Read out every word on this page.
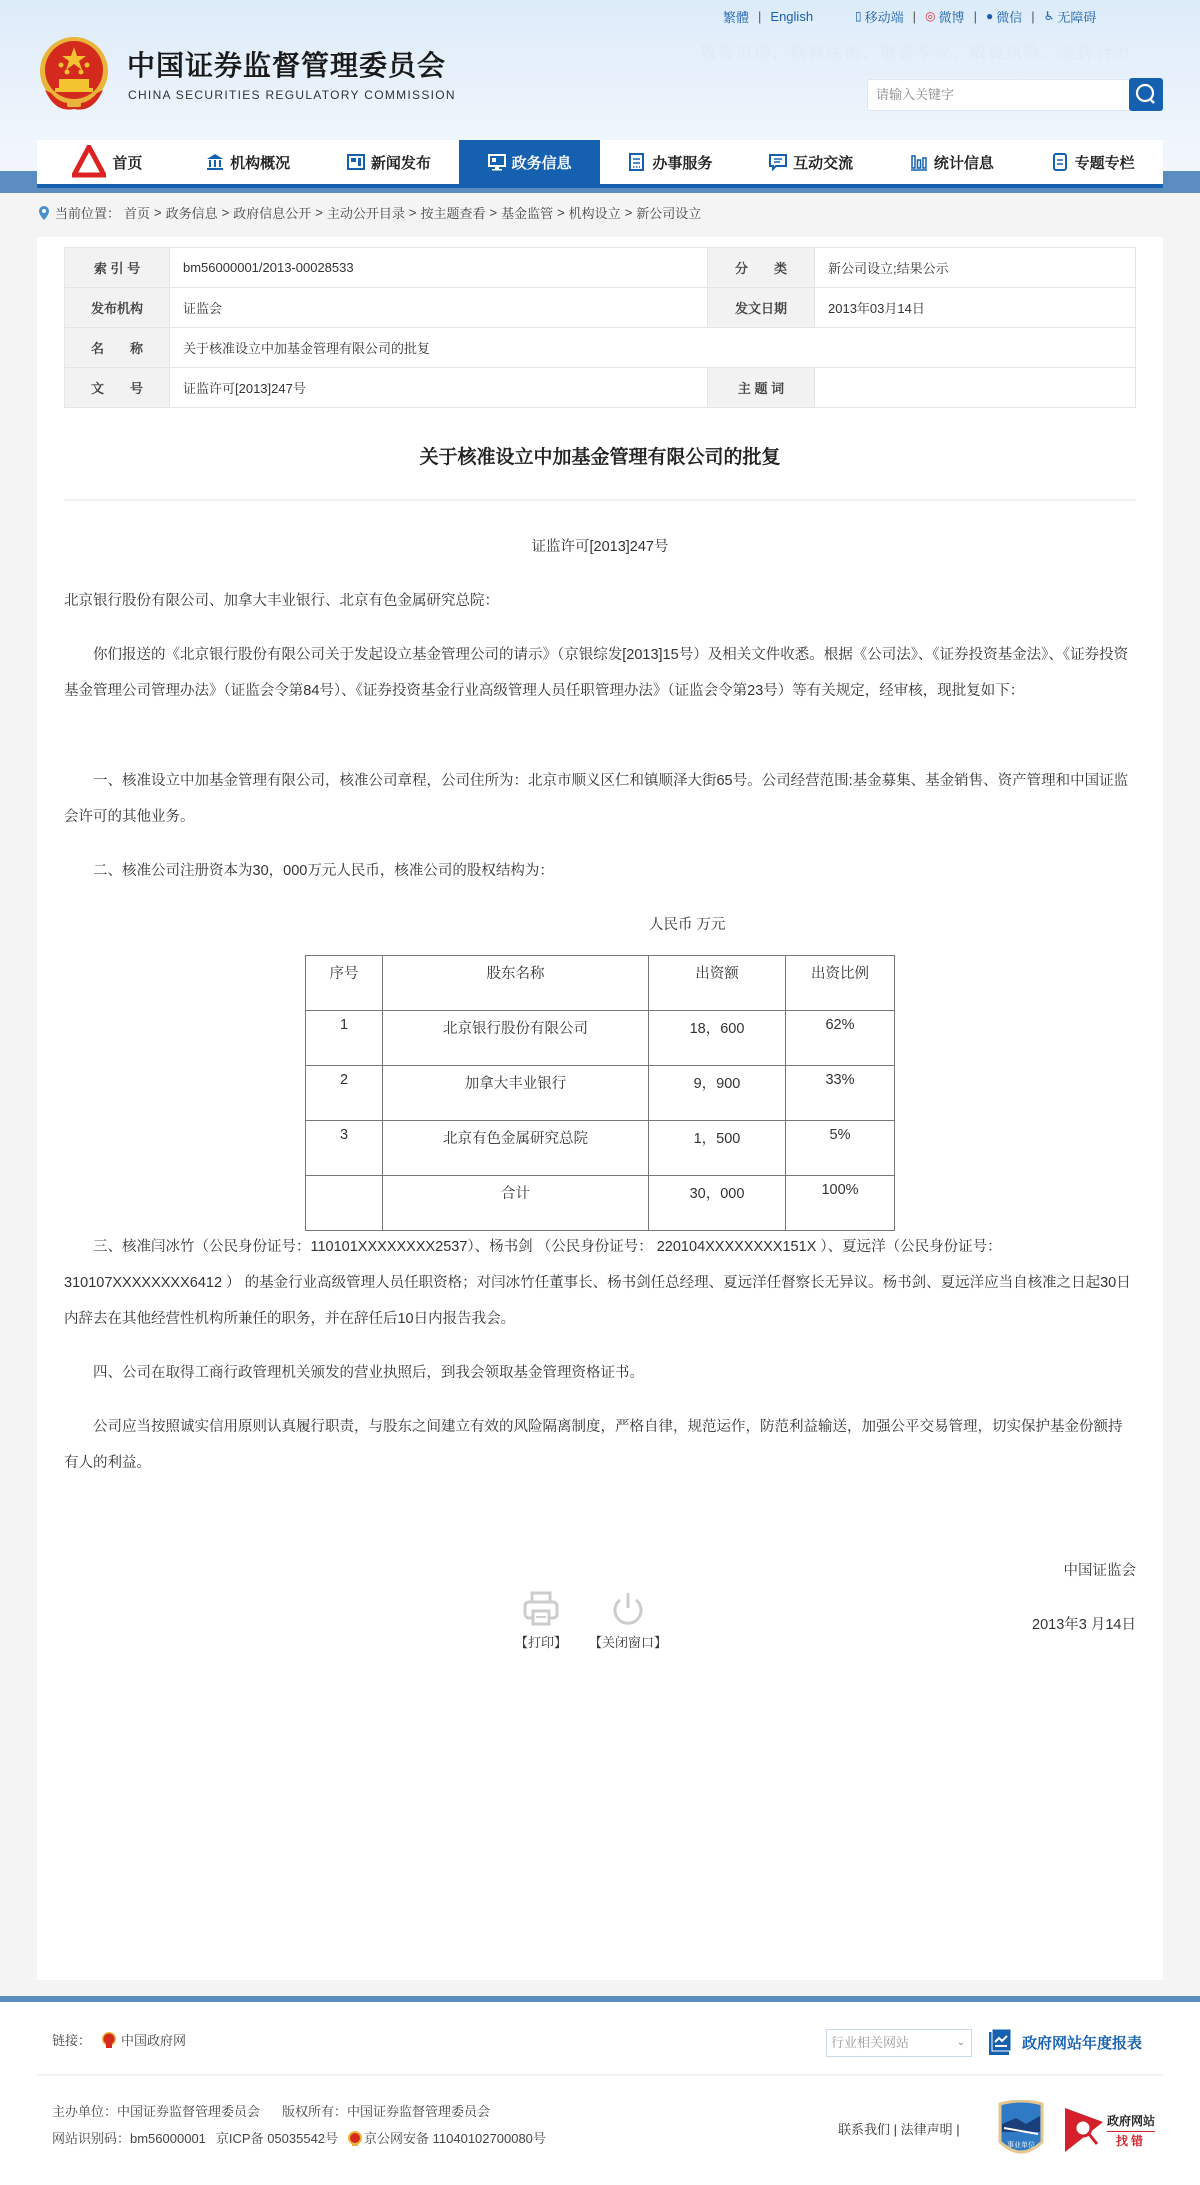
中国证券监督管理委员会
CHINA SECURITIES REGULATORY COMMISSION
繁體 | English	▯ 移动端 | ◎ 微博 | ● 微信 | ♿ 无障碍
敬畏市场、敬畏法治、敬畏专业、敬畏风险、发挥合力
请输入关键字
首页	机构概况	新闻发布	政务信息	办事服务	互动交流	统计信息	专题专栏
当前位置： 首页 > 政务信息 > 政府信息公开 > 主动公开目录 > 按主题查看 > 基金监管 > 机构设立 > 新公司设立
索 引 号	bm56000001/2013-00028533	分　　类	新公司设立;结果公示
发布机构	证监会	发文日期	2013年03月14日
名　　称	关于核准设立中加基金管理有限公司的批复		
文　　号	证监许可[2013]247号	主 题 词	
关于核准设立中加基金管理有限公司的批复
证监许可[2013]247号
北京银行股份有限公司、加拿大丰业银行、北京有色金属研究总院：
你们报送的《北京银行股份有限公司关于发起设立基金管理公司的请示》（京银综发[2013]15号）及相关文件收悉。根据《公司法》、《证券投资基金法》、《证券投资基金管理公司管理办法》（证监会令第84号）、《证券投资基金行业高级管理人员任职管理办法》（证监会令第23号）等有关规定，经审核，现批复如下：
一、核准设立中加基金管理有限公司，核准公司章程，公司住所为：北京市顺义区仁和镇顺泽大街65号。公司经营范围:基金募集、基金销售、资产管理和中国证监会许可的其他业务。
二、核准公司注册资本为30，000万元人民币，核准公司的股权结构为：
人民币 万元
序号	股东名称	出资额	出资比例
1	北京银行股份有限公司	18，600	62%
2	加拿大丰业银行	9，900	33%
3	北京有色金属研究总院	1，500	5%
	合计	30，000	100%
三、核准闫冰竹（公民身份证号：110101XXXXXXXX2537）、杨书剑 （公民身份证号： 220104XXXXXXXX151X ）、夏远洋（公民身份证号：310107XXXXXXXX6412 ） 的基金行业高级管理人员任职资格；对闫冰竹任董事长、杨书剑任总经理、夏远洋任督察长无异议。杨书剑、夏远洋应当自核准之日起30日内辞去在其他经营性机构所兼任的职务，并在辞任后10日内报告我会。
四、公司在取得工商行政管理机关颁发的营业执照后，到我会领取基金管理资格证书。
公司应当按照诚实信用原则认真履行职责，与股东之间建立有效的风险隔离制度，严格自律，规范运作，防范利益输送，加强公平交易管理，切实保护基金份额持有人的利益。
中国证监会
2013年3 月14日
【打印】 【关闭窗口】
链接： 中国政府网	行业相关网站	⌄	政府网站年度报表
主办单位：中国证券监督管理委员会 版权所有：中国证券监督管理委员会
网站识别码：bm56000001 京ICP备 05035542号 京公网安备 11040102700080号
联系我们 | 法律声明 |
事业单位
政府网站
找错
